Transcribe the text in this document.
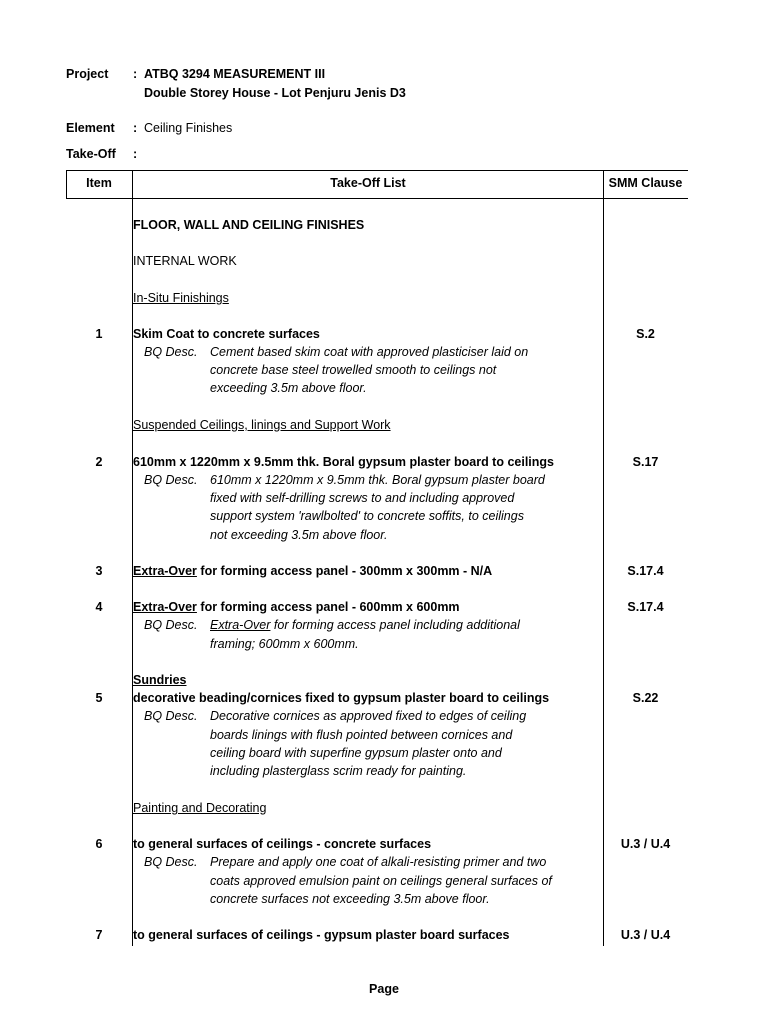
Project : ATBQ 3294 MEASUREMENT III
Double Storey House - Lot Penjuru Jenis D3
Element : Ceiling Finishes
Take-Off :
Item	Take-Off List	SMM Clause
FLOOR, WALL AND CEILING FINISHES
INTERNAL WORK
In-Situ Finishings
1	Skim Coat to concrete surfaces	S.2
BQ Desc. Cement based skim coat with approved plasticiser laid on
concrete base steel trowelled smooth to ceilings not
exceeding 3.5m above floor.
Suspended Ceilings, linings and Support Work
2	610mm x 1220mm x 9.5mm thk. Boral gypsum plaster board to ceilings	S.17
BQ Desc. 610mm x 1220mm x 9.5mm thk. Boral gypsum plaster board
fixed with self-drilling screws to and including approved
support system 'rawlbolted' to concrete soffits, to ceilings
not exceeding 3.5m above floor.
3	Extra-Over for forming access panel - 300mm x 300mm - N/A	S.17.4
4	Extra-Over for forming access panel - 600mm x 600mm	S.17.4
BQ Desc. Extra-Over for forming access panel including additional
framing; 600mm x 600mm.
Sundries
5	decorative beading/cornices fixed to gypsum plaster board to ceilings	S.22
BQ Desc. Decorative cornices as approved fixed to edges of ceiling
boards linings with flush pointed between cornices and
ceiling board with superfine gypsum plaster onto and
including plasterglass scrim ready for painting.
Painting and Decorating
6	to general surfaces of ceilings - concrete surfaces	U.3 / U.4
BQ Desc. Prepare and apply one coat of alkali-resisting primer and two
coats approved emulsion paint on ceilings general surfaces of
concrete surfaces not exceeding 3.5m above floor.
7	to general surfaces of ceilings - gypsum plaster board surfaces	U.3 / U.4
Page
